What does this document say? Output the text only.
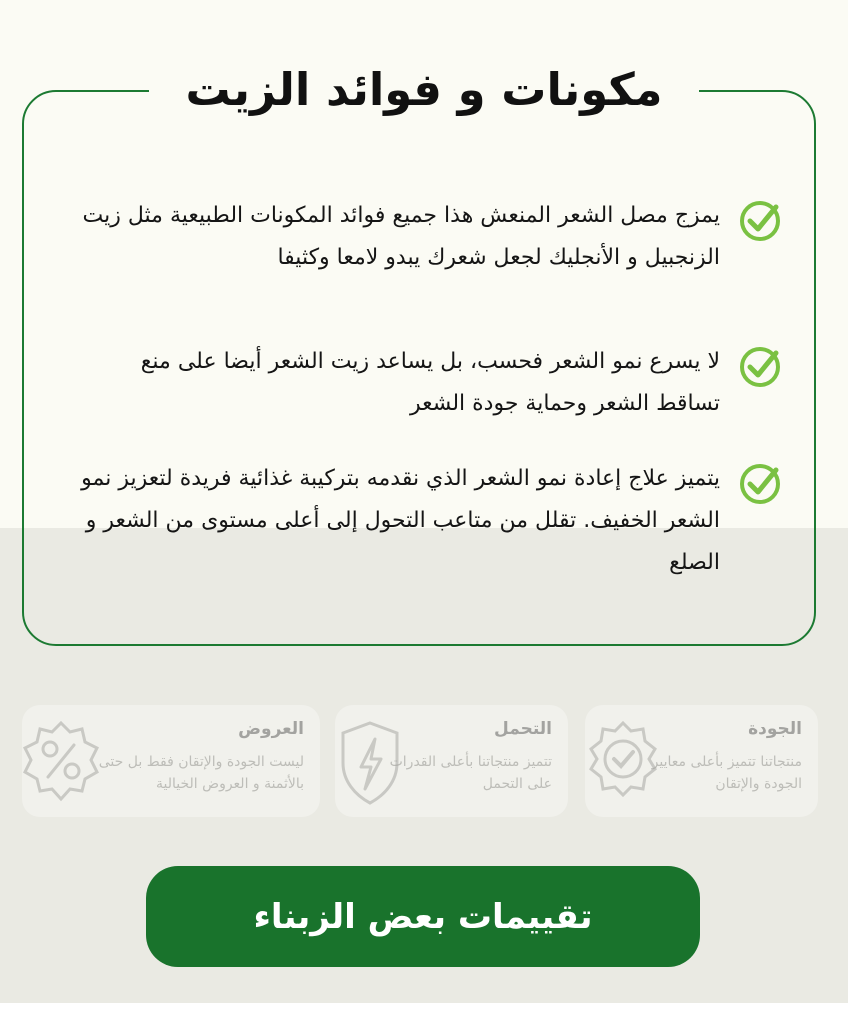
مكونات و فوائد الزيت

يمزج مصل الشعر المنعش هذا جميع فوائد المكونات الطبيعية مثل زيت الزنجبيل و الأنجليك لجعل شعرك يبدو لامعا وكثيفا

لا يسرع نمو الشعر فحسب، بل يساعد زيت الشعر أيضا على منع تساقط الشعر وحماية جودة الشعر

يتميز علاج إعادة نمو الشعر الذي نقدمه بتركيبة غذائية فريدة لتعزيز نمو الشعر الخفيف. تقلل من متاعب التحول إلى أعلى مستوى من الشعر و الصلع

الجودة
منتجاتنا تتميز بأعلى معايير الجودة والإتقان
التحمل
تتميز منتجاتنا بأعلى القدرات على التحمل
العروض
ليست الجودة والإتقان فقط بل حتى بالأثمنة و العروض الخيالية
تقييمات بعض الزبناء
